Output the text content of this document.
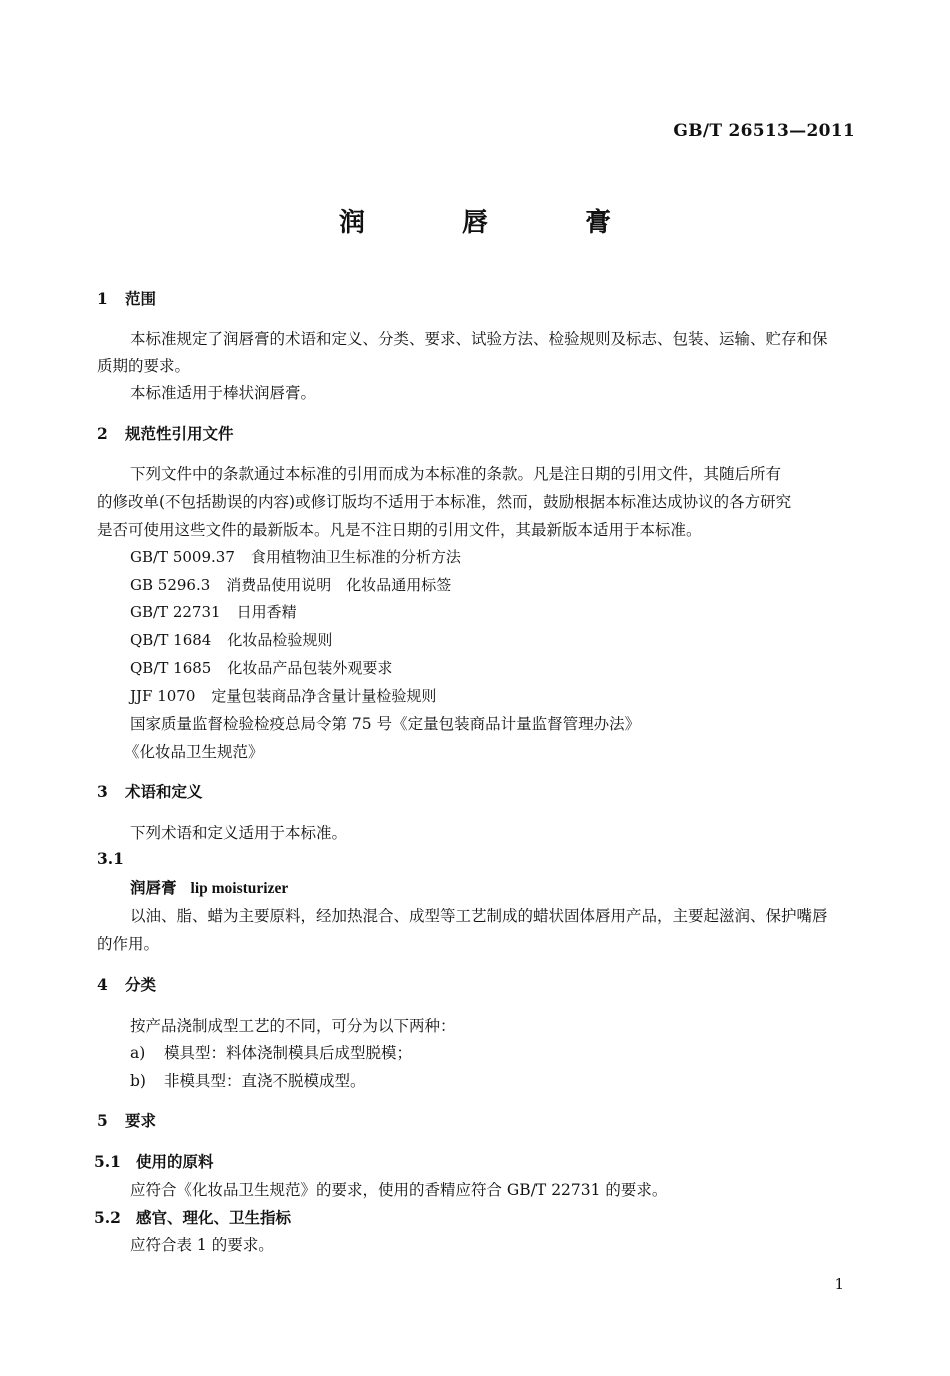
GB/T 26513—2011
润 唇 膏
1 范围
本标准规定了润唇膏的术语和定义、分类、要求、试验方法、检验规则及标志、包装、运输、贮存和保
质期的要求。
本标准适用于棒状润唇膏。
2 规范性引用文件
下列文件中的条款通过本标准的引用而成为本标准的条款。凡是注日期的引用文件，其随后所有
的修改单(不包括勘误的内容)或修订版均不适用于本标准，然而，鼓励根据本标准达成协议的各方研究
是否可使用这些文件的最新版本。凡是不注日期的引用文件，其最新版本适用于本标准。
GB/T 5009.37 食用植物油卫生标准的分析方法
GB 5296.3 消费品使用说明　化妆品通用标签
GB/T 22731 日用香精
QB/T 1684 化妆品检验规则
QB/T 1685 化妆品产品包装外观要求
JJF 1070 定量包装商品净含量计量检验规则
国家质量监督检验检疫总局令第 75 号《定量包装商品计量监督管理办法》
《化妆品卫生规范》
3 术语和定义
下列术语和定义适用于本标准。
3.1
润唇膏 lip moisturizer
以油、脂、蜡为主要原料，经加热混合、成型等工艺制成的蜡状固体唇用产品，主要起滋润、保护嘴唇
的作用。
4 分类
按产品浇制成型工艺的不同，可分为以下两种：
a) 模具型：料体浇制模具后成型脱模；
b) 非模具型：直浇不脱模成型。
5 要求
5.1 使用的原料
应符合《化妆品卫生规范》的要求，使用的香精应符合 GB/T 22731 的要求。
5.2 感官、理化、卫生指标
应符合表 1 的要求。
1
